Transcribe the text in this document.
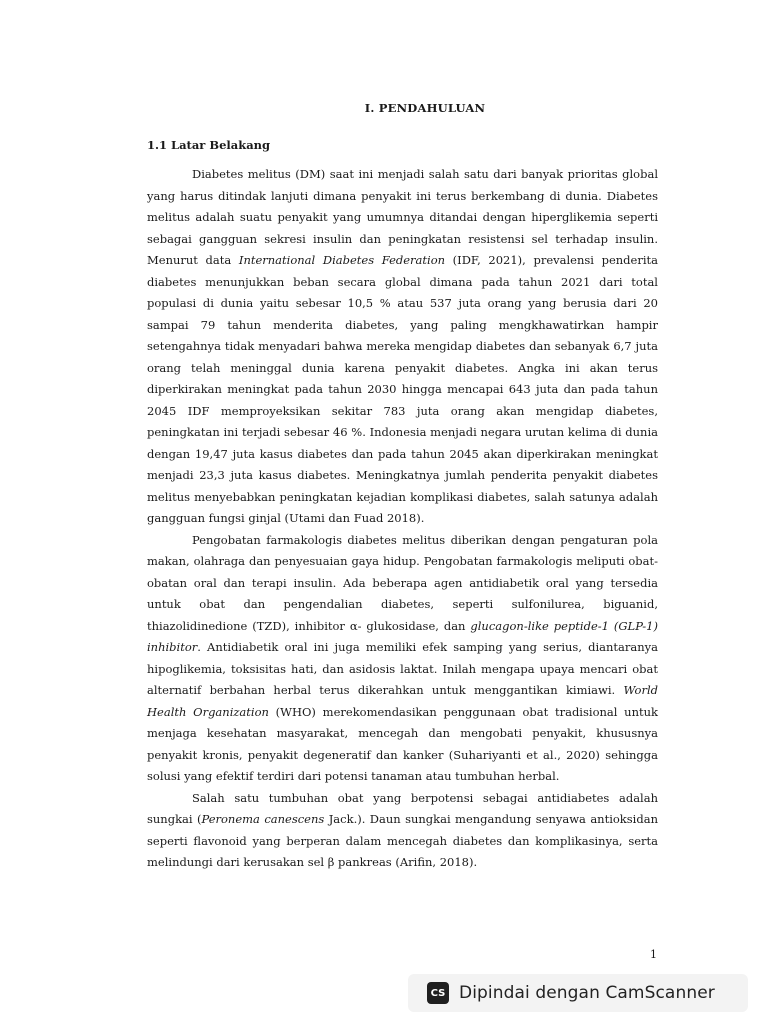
I. PENDAHULUAN
1.1 Latar Belakang

Diabetes melitus (DM) saat ini menjadi salah satu dari banyak prioritas global yang harus ditindak lanjuti dimana penyakit ini terus berkembang di dunia. Diabetes melitus adalah suatu penyakit yang umumnya ditandai dengan hiperglikemia seperti sebagai gangguan sekresi insulin dan peningkatan resistensi sel terhadap insulin. Menurut data International Diabetes Federation (IDF, 2021), prevalensi penderita diabetes menunjukkan beban secara global dimana pada tahun 2021 dari total populasi di dunia yaitu sebesar 10,5 % atau 537 juta orang yang berusia dari 20 sampai 79 tahun menderita diabetes, yang paling mengkhawatirkan hampir setengahnya tidak menyadari bahwa mereka mengidap diabetes dan sebanyak 6,7 juta orang telah meninggal dunia karena penyakit diabetes. Angka ini akan terus diperkirakan meningkat pada tahun 2030 hingga mencapai 643 juta dan pada tahun 2045 IDF memproyeksikan sekitar 783 juta orang akan mengidap diabetes, peningkatan ini terjadi sebesar 46 %. Indonesia menjadi negara urutan kelima di dunia dengan 19,47 juta kasus diabetes dan pada tahun 2045 akan diperkirakan meningkat menjadi 23,3 juta kasus diabetes. Meningkatnya jumlah penderita penyakit diabetes melitus menyebabkan peningkatan kejadian komplikasi diabetes, salah satunya adalah gangguan fungsi ginjal (Utami dan Fuad 2018).

Pengobatan farmakologis diabetes melitus diberikan dengan pengaturan pola makan, olahraga dan penyesuaian gaya hidup. Pengobatan farmakologis meliputi obat-obatan oral dan terapi insulin. Ada beberapa agen antidiabetik oral yang tersedia untuk obat dan pengendalian diabetes, seperti sulfonilurea, biguanid, thiazolidinedione (TZD), inhibitor α- glukosidase, dan glucagon-like peptide-1 (GLP-1) inhibitor. Antidiabetik oral ini juga memiliki efek samping yang serius, diantaranya hipoglikemia, toksisitas hati, dan asidosis laktat. Inilah mengapa upaya mencari obat alternatif berbahan herbal terus dikerahkan untuk menggantikan kimiawi. World Health Organization (WHO) merekomendasikan penggunaan obat tradisional untuk menjaga kesehatan masyarakat, mencegah dan mengobati penyakit, khususnya penyakit kronis, penyakit degeneratif dan kanker (Suhariyanti et al., 2020) sehingga solusi yang efektif terdiri dari potensi tanaman atau tumbuhan herbal.

Salah satu tumbuhan obat yang berpotensi sebagai antidiabetes adalah sungkai (Peronema canescens Jack.). Daun sungkai mengandung senyawa antioksidan seperti flavonoid yang berperan dalam mencegah diabetes dan komplikasinya, serta melindungi dari kerusakan sel β pankreas (Arifin, 2018).

1
CS Dipindai dengan CamScanner
